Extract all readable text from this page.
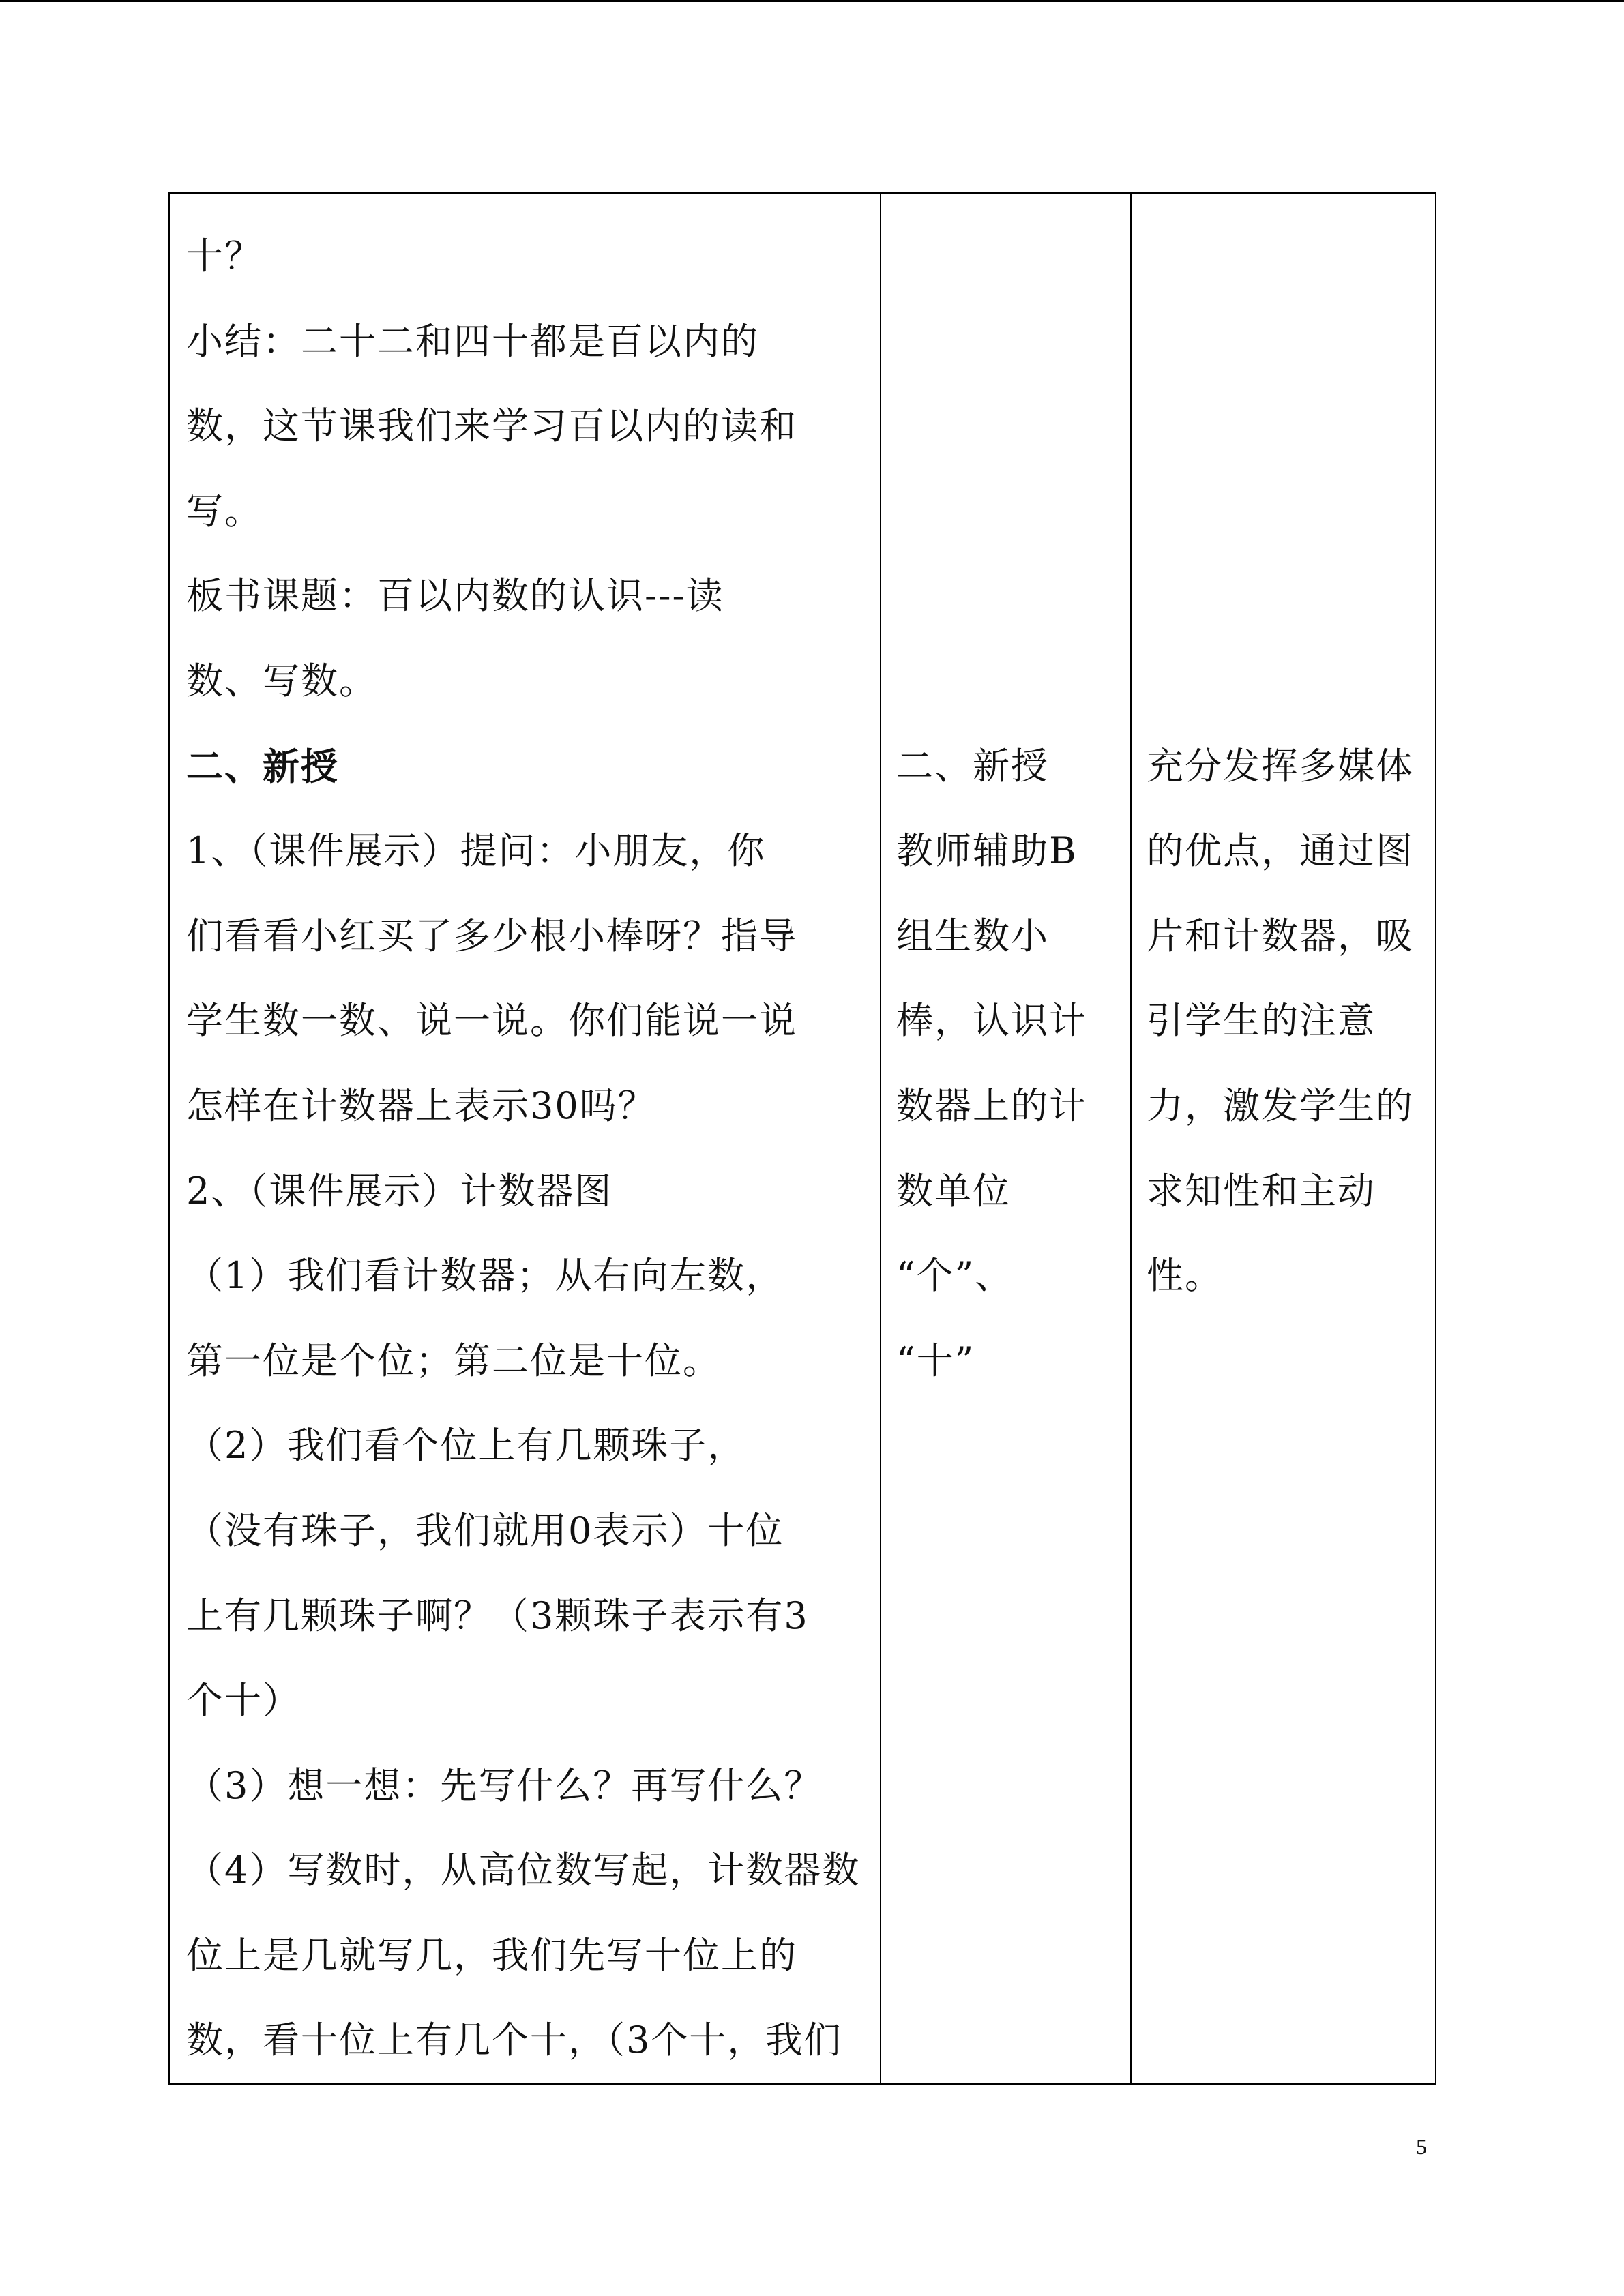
十？
小结：二十二和四十都是百以内的
数，这节课我们来学习百以内的读和
写。
板书课题：百以内数的认识---读
数、写数。
二、新授
1、（课件展示）提问：小朋友，你
们看看小红买了多少根小棒呀？指导
学生数一数、说一说。你们能说一说
怎样在计数器上表示30吗？
2、（课件展示）计数器图
（1）我们看计数器；从右向左数，
第一位是个位；第二位是十位。
（2）我们看个位上有几颗珠子，
（没有珠子，我们就用0表示）十位
上有几颗珠子啊？（3颗珠子表示有3
个十）
（3）想一想：先写什么？再写什么？
（4）写数时，从高位数写起，计数器数
位上是几就写几，我们先写十位上的
数，看十位上有几个十，（3个十，我们

二、新授
教师辅助B
组生数小
棒，认识计
数器上的计
数单位
“个”、
“十”

充分发挥多媒体
的优点，通过图
片和计数器，吸
引学生的注意
力，激发学生的
求知性和主动
性。
5
